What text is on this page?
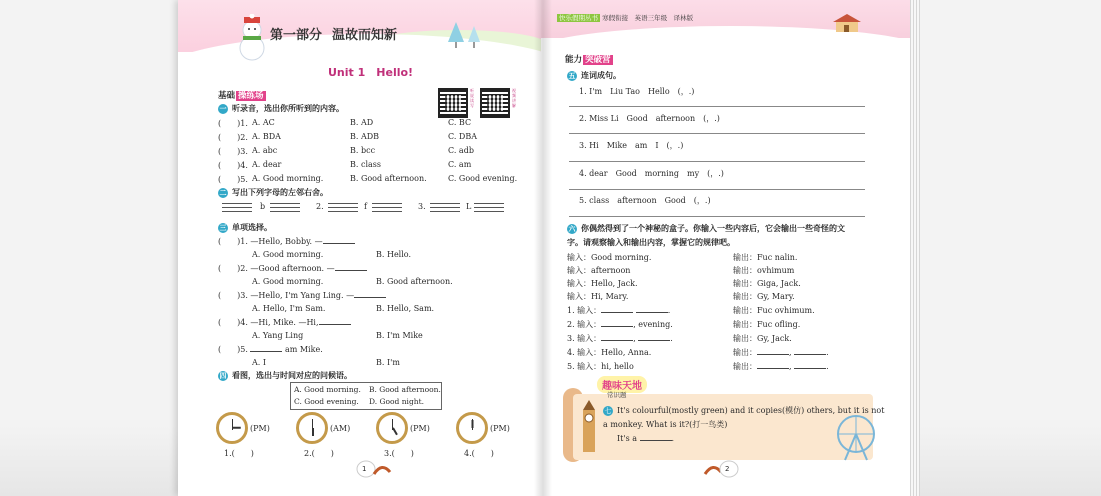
第一部分 温故而知新
Unit 1　Hello!
听说读写
视频讲解
基础 操练场
一 听录音，选出你所听到的内容。
(　　)1. A. AC	B. AD	C. BC
(　　)2. A. BDA	B. ADB	C. DBA
(　　)3. A. abc	B. bcc	C. adb
(　　)4. A. dear	B. class	C. am
(　　)5. A. Good morning.	B. Good afternoon.	C. Good evening.
二 写出下列字母的左邻右舍。
b	2.	f	3.	L
三 单项选择。
(　　)1. —Hello, Bobby. —
A. Good morning.	B. Hello.
(　　)2. —Good afternoon. —
A. Good morning.	B. Good afternoon.
(　　)3. —Hello, I'm Yang Ling. —
A. Hello, I'm Sam.	B. Hello, Sam.
(　　)4. —Hi, Mike. —Hi,
A. Yang Ling	B. I'm Mike
(　　)5.	am Mike.
A. I	B. I'm
四 看图，选出与时间对应的问候语。
A. Good morning. B. Good afternoon.
C. Good evening. D. Good night.
(PM)
1.(　　)
(AM)
2.(　　)
(PM)
3.(　　)
(PM)
4.(　　)
1
快乐假期丛书 寒假衔接　英语三年级　译林版
能力 突破营
五 连词成句。
1. I'm　Liu Tao　Hello　(，.)
2. Miss Li　Good　afternoon　(，.)
3. Hi　Mike　am　I　(，.)
4. dear　Good　morning　my　(，.)
5. class　afternoon　Good　(，.)
六 你偶然得到了一个神秘的盒子。你输入一些内容后，它会输出一些奇怪的文
字。请观察输入和输出内容，掌握它的规律吧。
输入：Good morning.	输出：Fuc nalin.
输入：afternoon	输出：ovhimum
输入：Hello, Jack.	输出：Giga, Jack.
输入：Hi, Mary.	输出：Gy, Mary.
1. 输入：	.	输出：Fuc ovhimum.
2. 输入：	, evening.	输出：Fuc ofling.
3. 输入：	,	.	输出：Gy, Jack.
4. 输入：Hello, Anna.	输出：	,	.
5. 输入：hi, hello	输出：	,	.
趣味天地
常识题
七 It's colourful(mostly green) and it copies(模仿) others, but it is not
a monkey. What is it?(打一鸟类)
It's a	.
2
